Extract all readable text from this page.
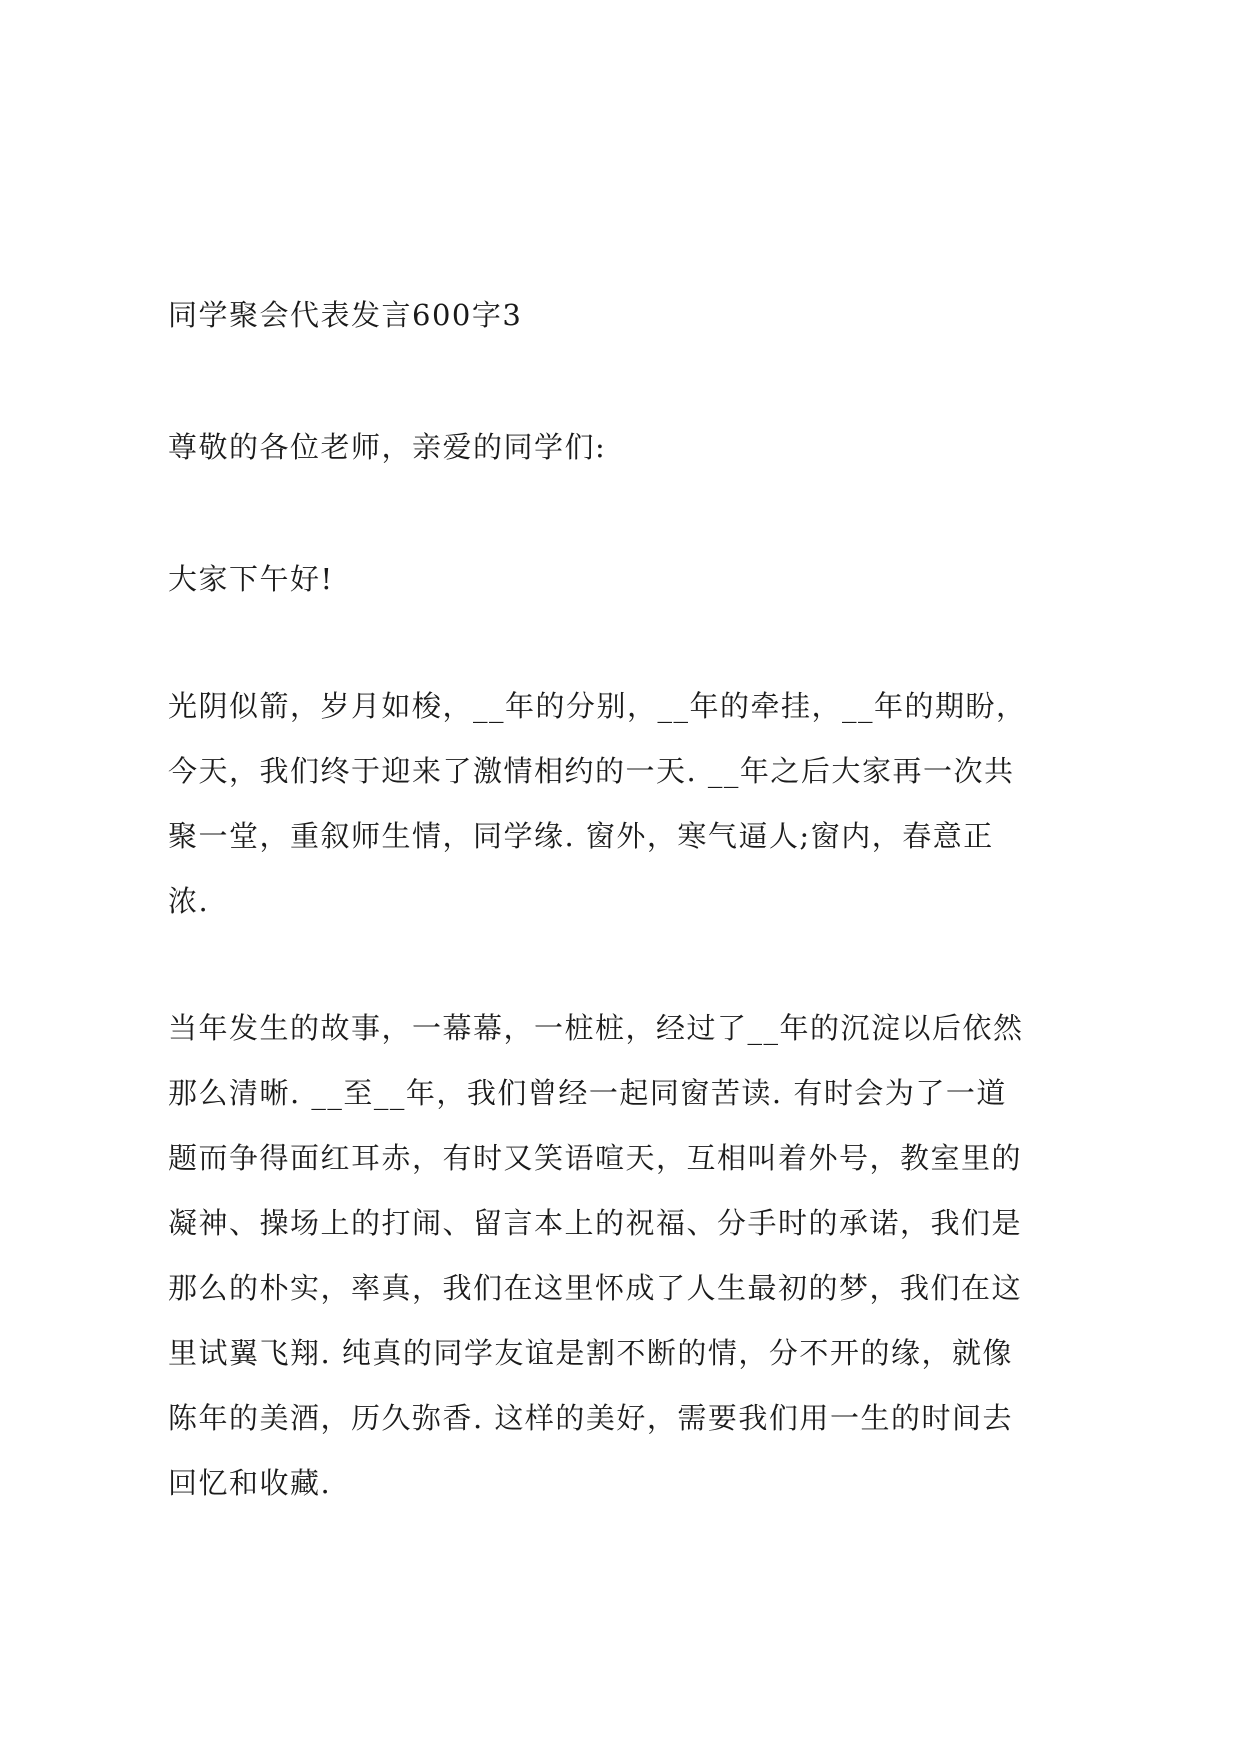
同学聚会代表发言600字3

尊敬的各位老师，亲爱的同学们:

大家下午好!

光阴似箭，岁月如梭，__年的分别，__年的牵挂，__年的期盼，

今天，我们终于迎来了激情相约的一天. __年之后大家再一次共

聚一堂，重叙师生情，同学缘. 窗外，寒气逼人;窗内，春意正

浓.

当年发生的故事，一幕幕，一桩桩，经过了__年的沉淀以后依然

那么清晰. __至__年，我们曾经一起同窗苦读. 有时会为了一道

题而争得面红耳赤，有时又笑语喧天，互相叫着外号，教室里的

凝神、操场上的打闹、留言本上的祝福、分手时的承诺，我们是

那么的朴实，率真，我们在这里怀成了人生最初的梦，我们在这

里试翼飞翔. 纯真的同学友谊是割不断的情，分不开的缘，就像

陈年的美酒，历久弥香. 这样的美好，需要我们用一生的时间去

回忆和收藏.
